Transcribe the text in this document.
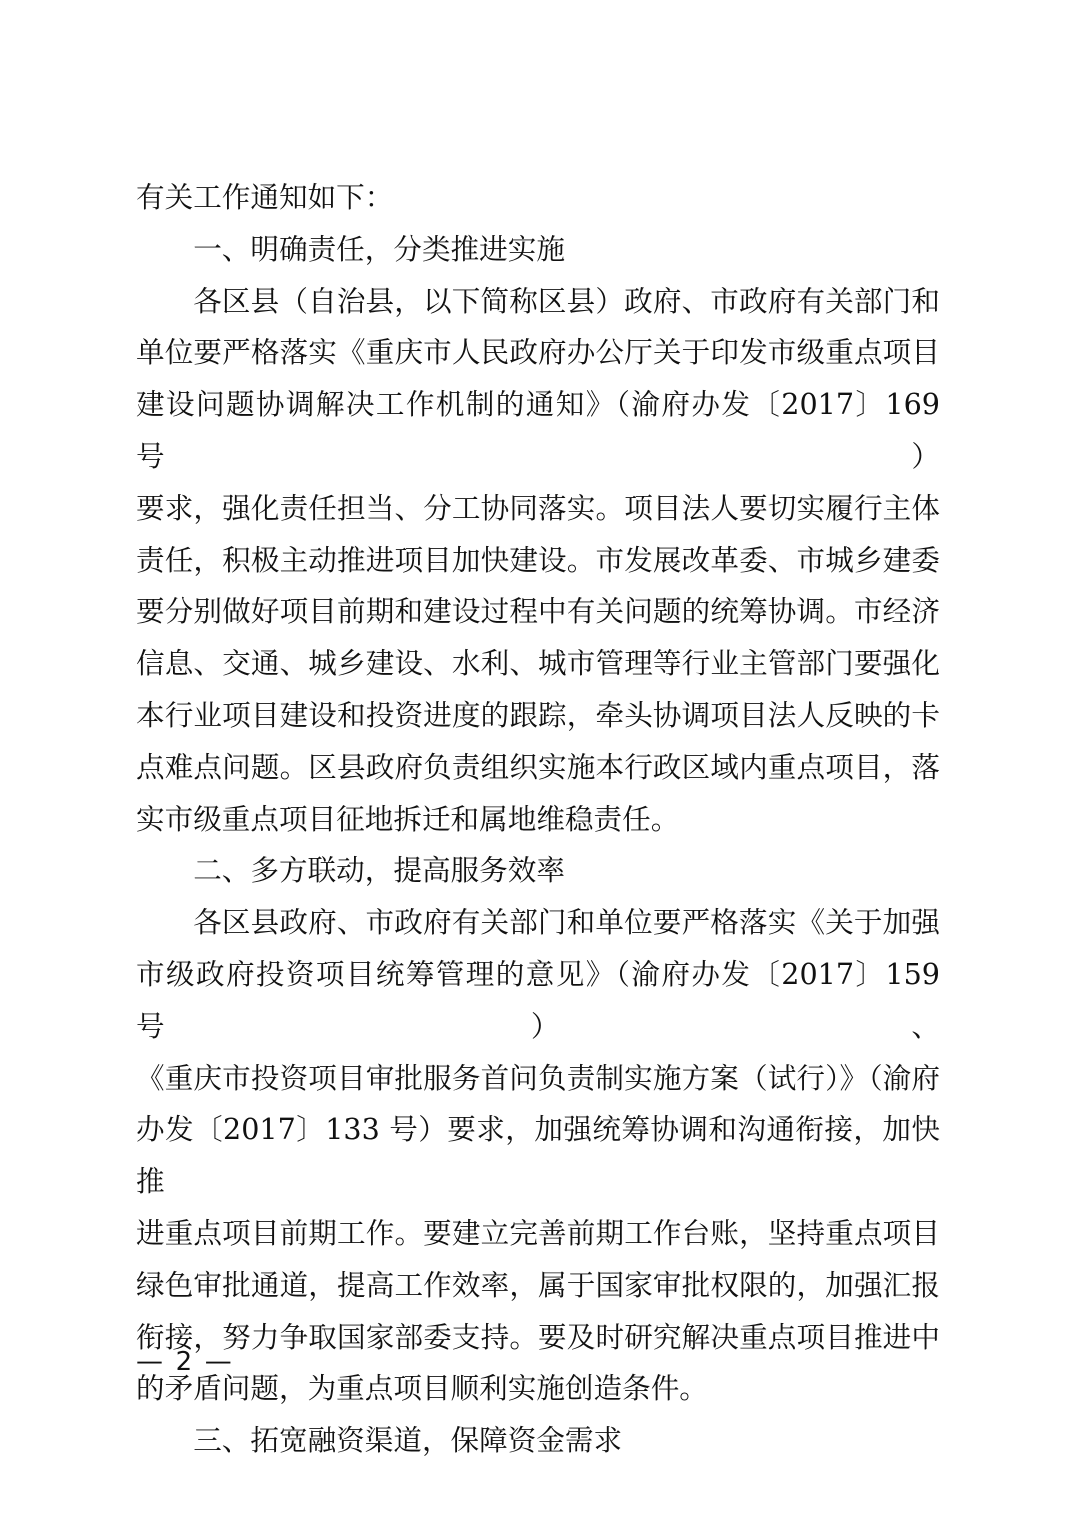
有关工作通知如下：
一、明确责任，分类推进实施
各区县（自治县，以下简称区县）政府、市政府有关部门和
单位要严格落实《重庆市人民政府办公厅关于印发市级重点项目
建设问题协调解决工作机制的通知》（渝府办发〔2017〕169 号）
要求，强化责任担当、分工协同落实。项目法人要切实履行主体
责任，积极主动推进项目加快建设。市发展改革委、市城乡建委
要分别做好项目前期和建设过程中有关问题的统筹协调。市经济
信息、交通、城乡建设、水利、城市管理等行业主管部门要强化
本行业项目建设和投资进度的跟踪，牵头协调项目法人反映的卡
点难点问题。区县政府负责组织实施本行政区域内重点项目，落
实市级重点项目征地拆迁和属地维稳责任。
二、多方联动，提高服务效率
各区县政府、市政府有关部门和单位要严格落实《关于加强
市级政府投资项目统筹管理的意见》（渝府办发〔2017〕159 号）、
《重庆市投资项目审批服务首问负责制实施方案（试行）》（渝府
办发〔2017〕133 号）要求，加强统筹协调和沟通衔接，加快推
进重点项目前期工作。要建立完善前期工作台账，坚持重点项目
绿色审批通道，提高工作效率，属于国家审批权限的，加强汇报
衔接，努力争取国家部委支持。要及时研究解决重点项目推进中
的矛盾问题，为重点项目顺利实施创造条件。
三、拓宽融资渠道，保障资金需求
— 2 —
